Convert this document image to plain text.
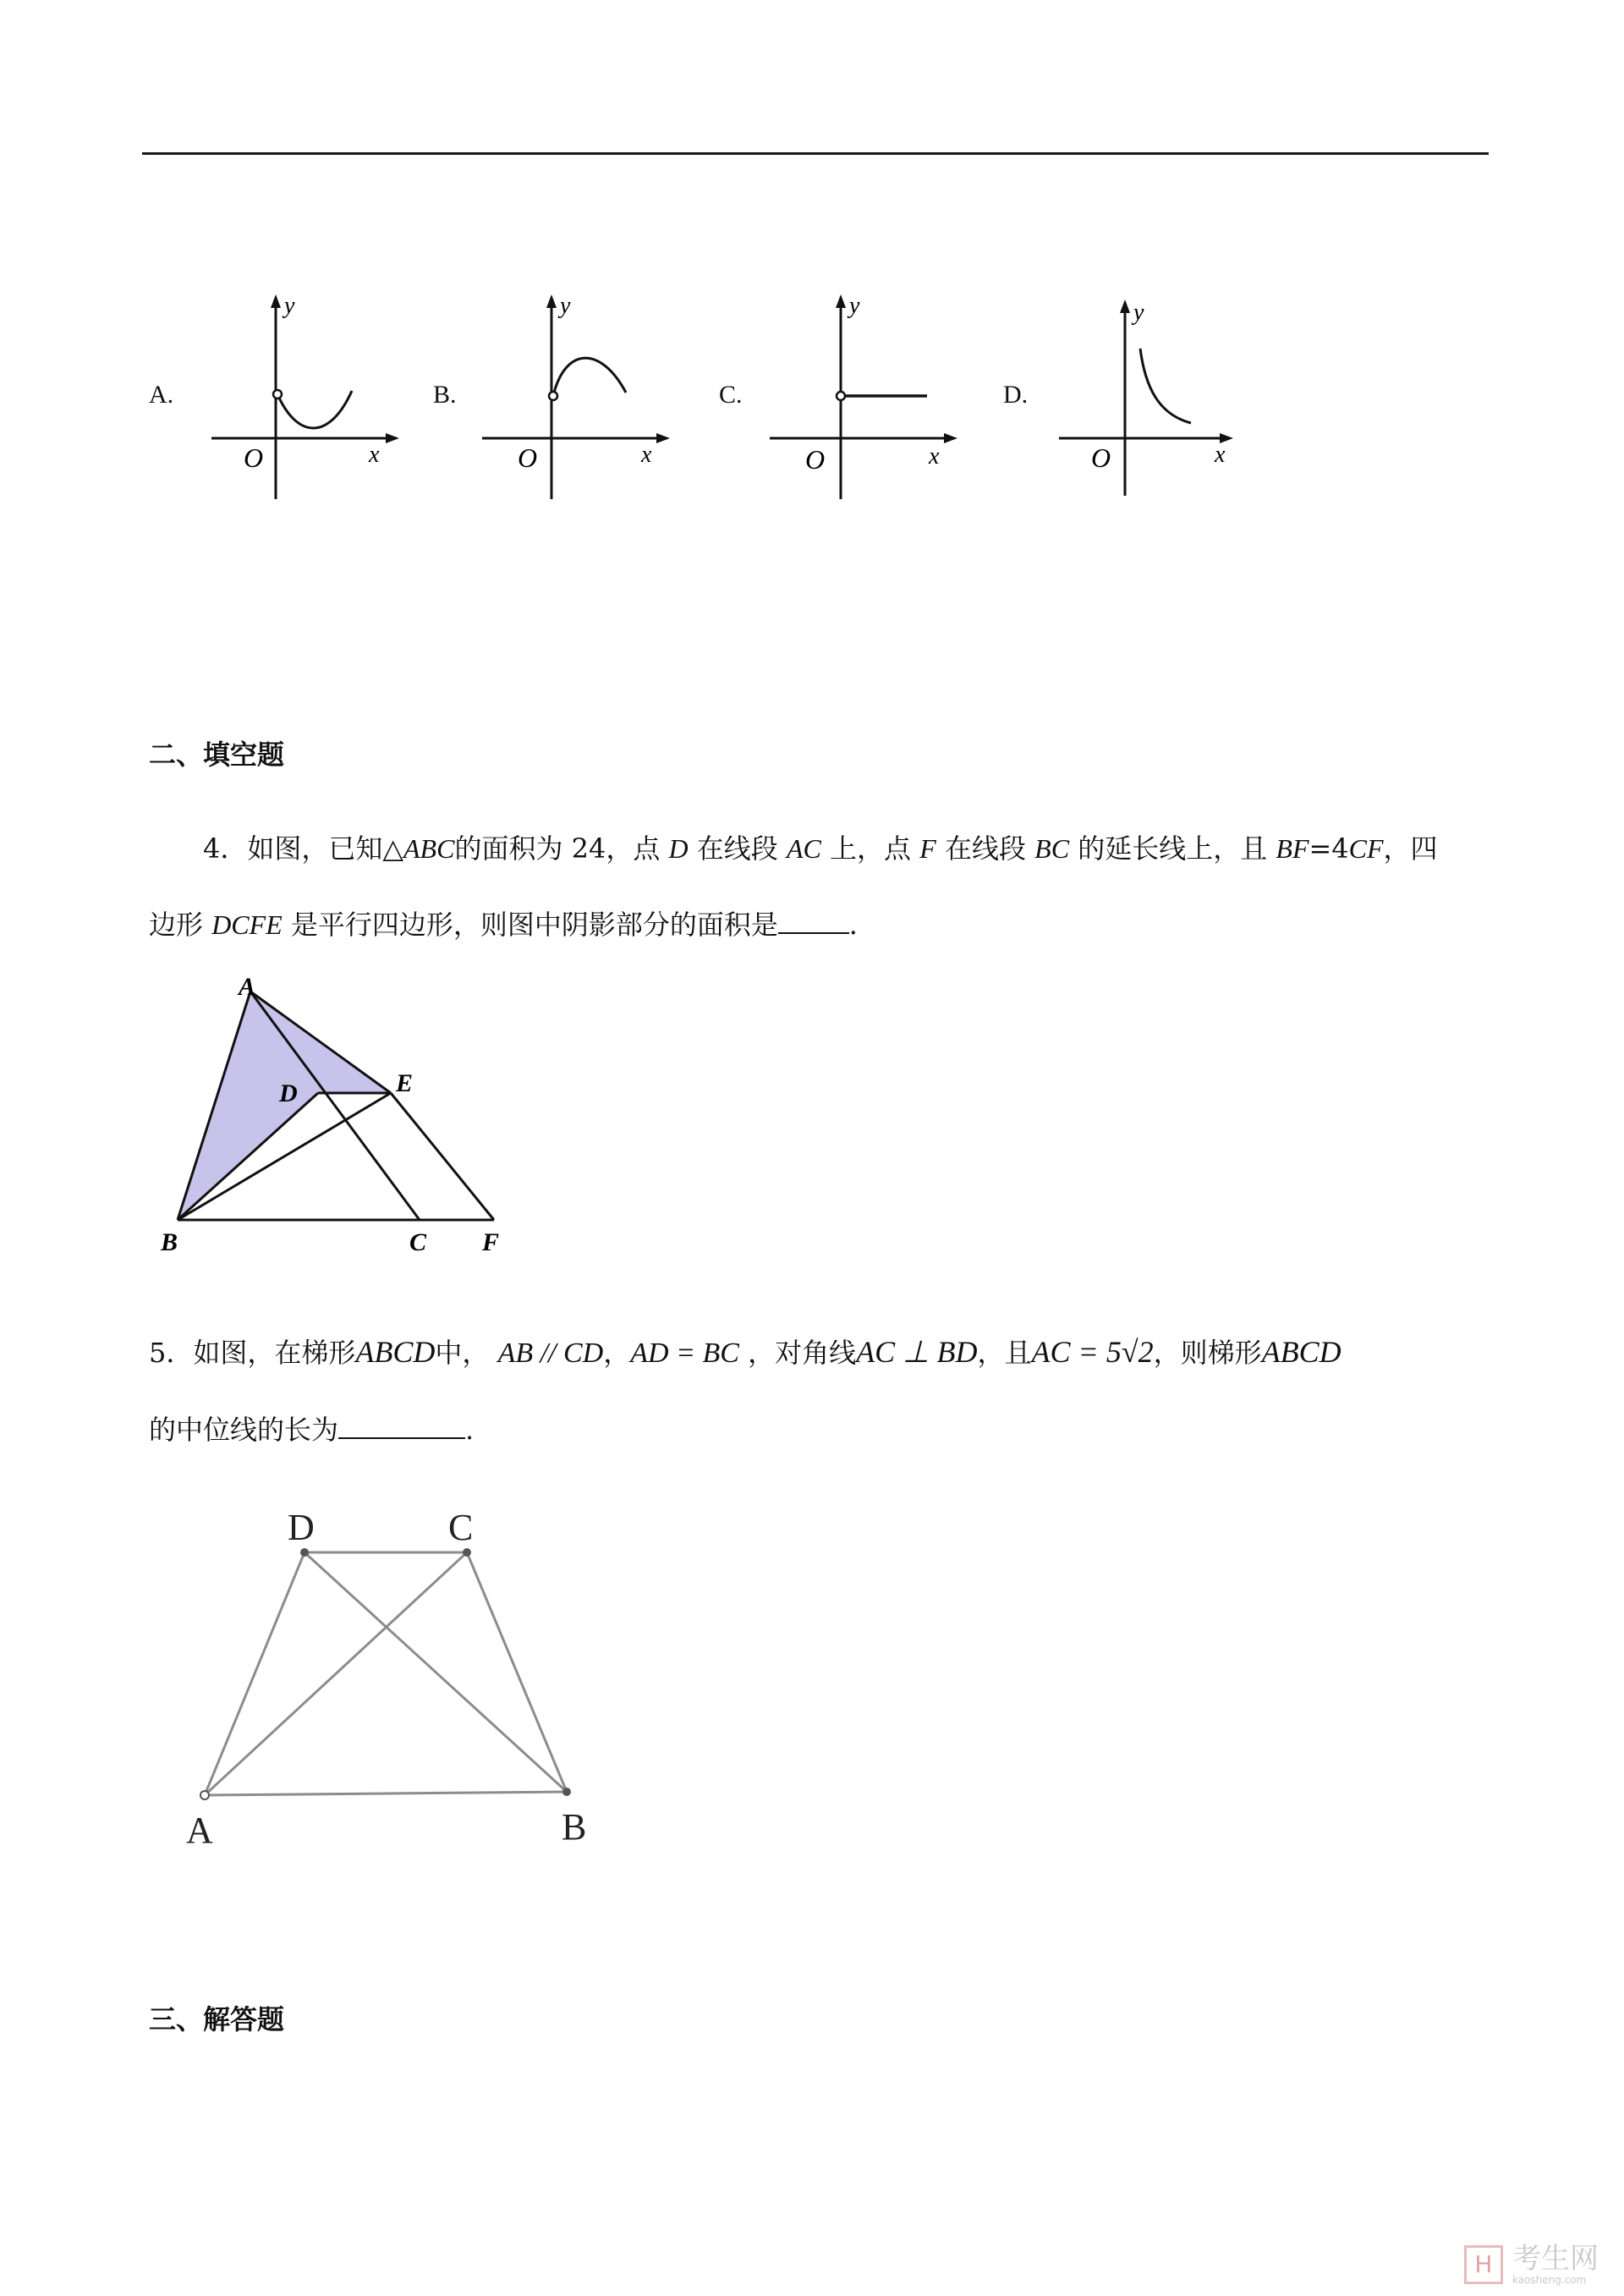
A.	B.	C.	D.
y
O	x
y
O	x
y
O	x
y
O	x
二、填空题
4．如图，已知△ABC的面积为 24，点 D 在线段 AC 上，点 F 在线段 BC 的延长线上，且 BF=4CF，四
边形 DCFE 是平行四边形，则图中阴影部分的面积是	．
A
D	E
B	C F
5．如图，在梯形ABCD中， AB // CD，AD = BC ，对角线AC ⊥ BD，且AC = 5√2，则梯形ABCD
的中位线的长为	.
D	C
A	B
三、解答题
H 考生网
kaosheng.com
